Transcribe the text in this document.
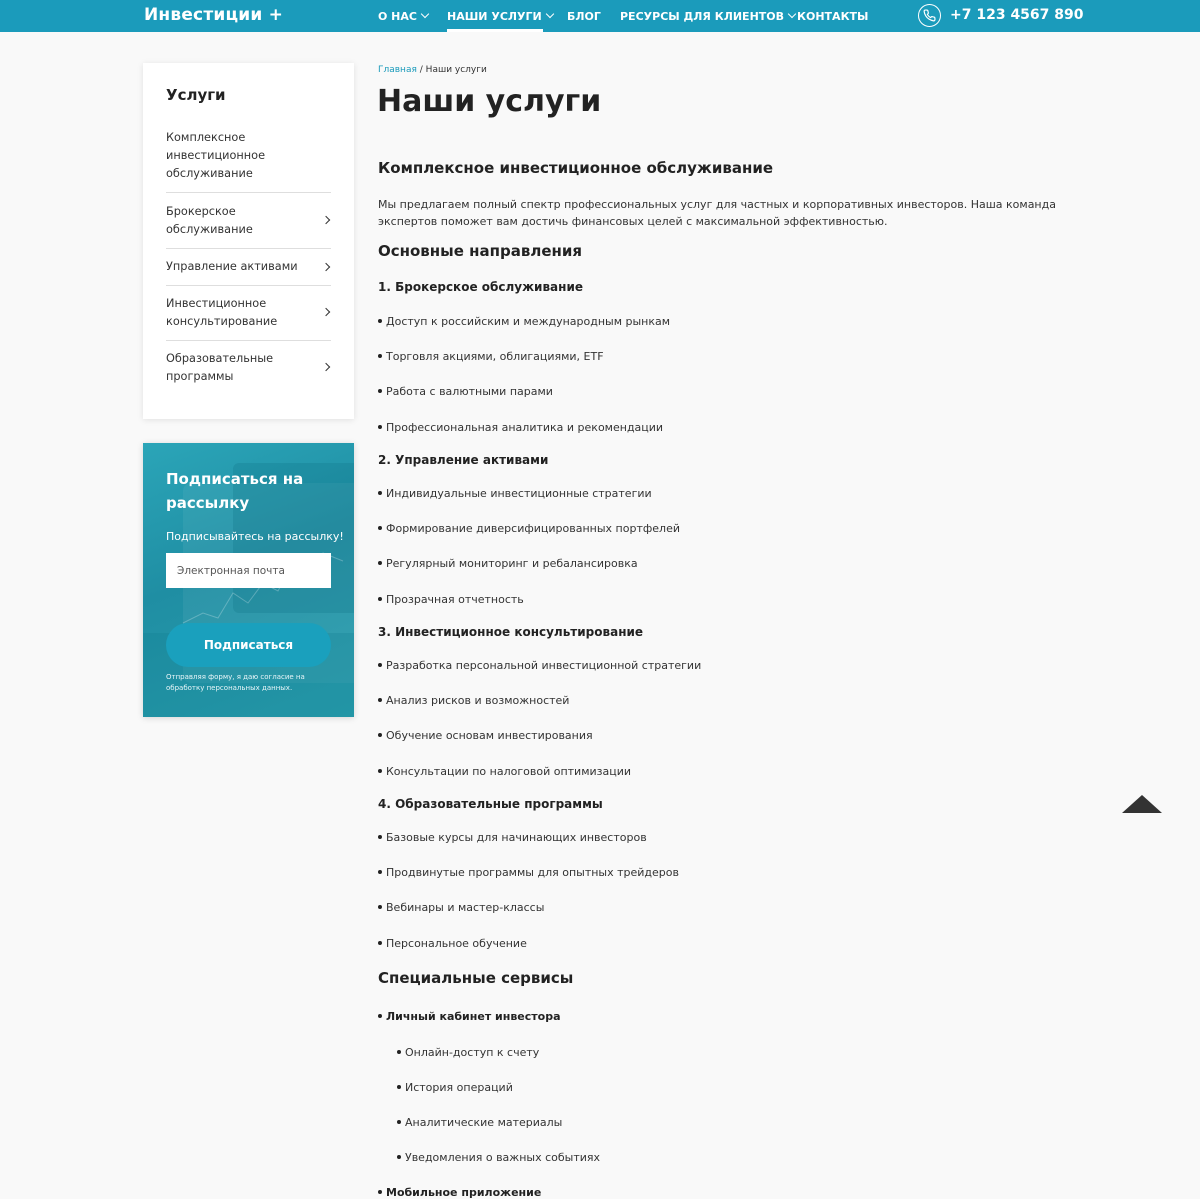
Инвестиции +	О НАС	НАШИ УСЛУГИ БЛОГ РЕСУРСЫ ДЛЯ КЛИЕНТОВ КОНТАКТЫ	+7 123 4567 890
Услуги
Комплексное инвестиционное обслуживание
Брокерское обслуживание
Управление активами
Инвестиционное консультирование
Образовательные программы
Подписаться на рассылку
Подписывайтесь на рассылку!
Электронная почта
Подписаться
Отправляя форму, я даю согласие на обработку персональных данных.
Главная / Наши услуги
Наши услуги
Комплексное инвестиционное обслуживание
Мы предлагаем полный спектр профессиональных услуг для частных и корпоративных инвесторов. Наша команда экспертов поможет вам достичь финансовых целей с максимальной эффективностью.
Основные направления
1. Брокерское обслуживание
Доступ к российским и международным рынкам
Торговля акциями, облигациями, ETF
Работа с валютными парами
Профессиональная аналитика и рекомендации
2. Управление активами
Индивидуальные инвестиционные стратегии
Формирование диверсифицированных портфелей
Регулярный мониторинг и ребалансировка
Прозрачная отчетность
3. Инвестиционное консультирование
Разработка персональной инвестиционной стратегии
Анализ рисков и возможностей
Обучение основам инвестирования
Консультации по налоговой оптимизации
4. Образовательные программы
Базовые курсы для начинающих инвесторов
Продвинутые программы для опытных трейдеров
Вебинары и мастер-классы
Персональное обучение
Специальные сервисы
Личный кабинет инвестора
Онлайн-доступ к счету
История операций
Аналитические материалы
Уведомления о важных событиях
Мобильное приложение
